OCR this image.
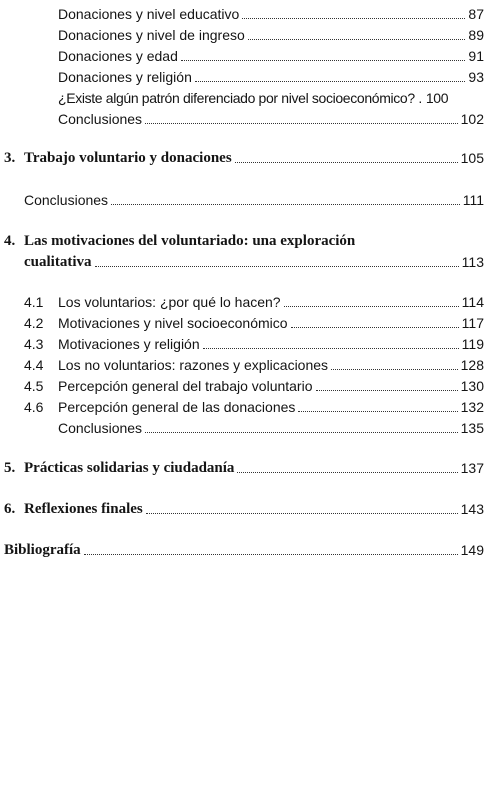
Donaciones y nivel educativo	87
Donaciones y nivel de ingreso	89
Donaciones y edad	91
Donaciones y religión	93
¿Existe algún patrón diferenciado por nivel socioeconómico? . 100
Conclusiones	102
3. Trabajo voluntario y donaciones	105
Conclusiones	111
4. Las motivaciones del voluntariado: una exploración
cualitativa	113
4.1	Los voluntarios: ¿por qué lo hacen?	114
4.2	Motivaciones y nivel socioeconómico	117
4.3	Motivaciones y religión	119
4.4	Los no voluntarios: razones y explicaciones	128
4.5	Percepción general del trabajo voluntario	130
4.6	Percepción general de las donaciones	132
Conclusiones	135
5. Prácticas solidarias y ciudadanía	137
6. Reflexiones finales	143
Bibliografía	149
